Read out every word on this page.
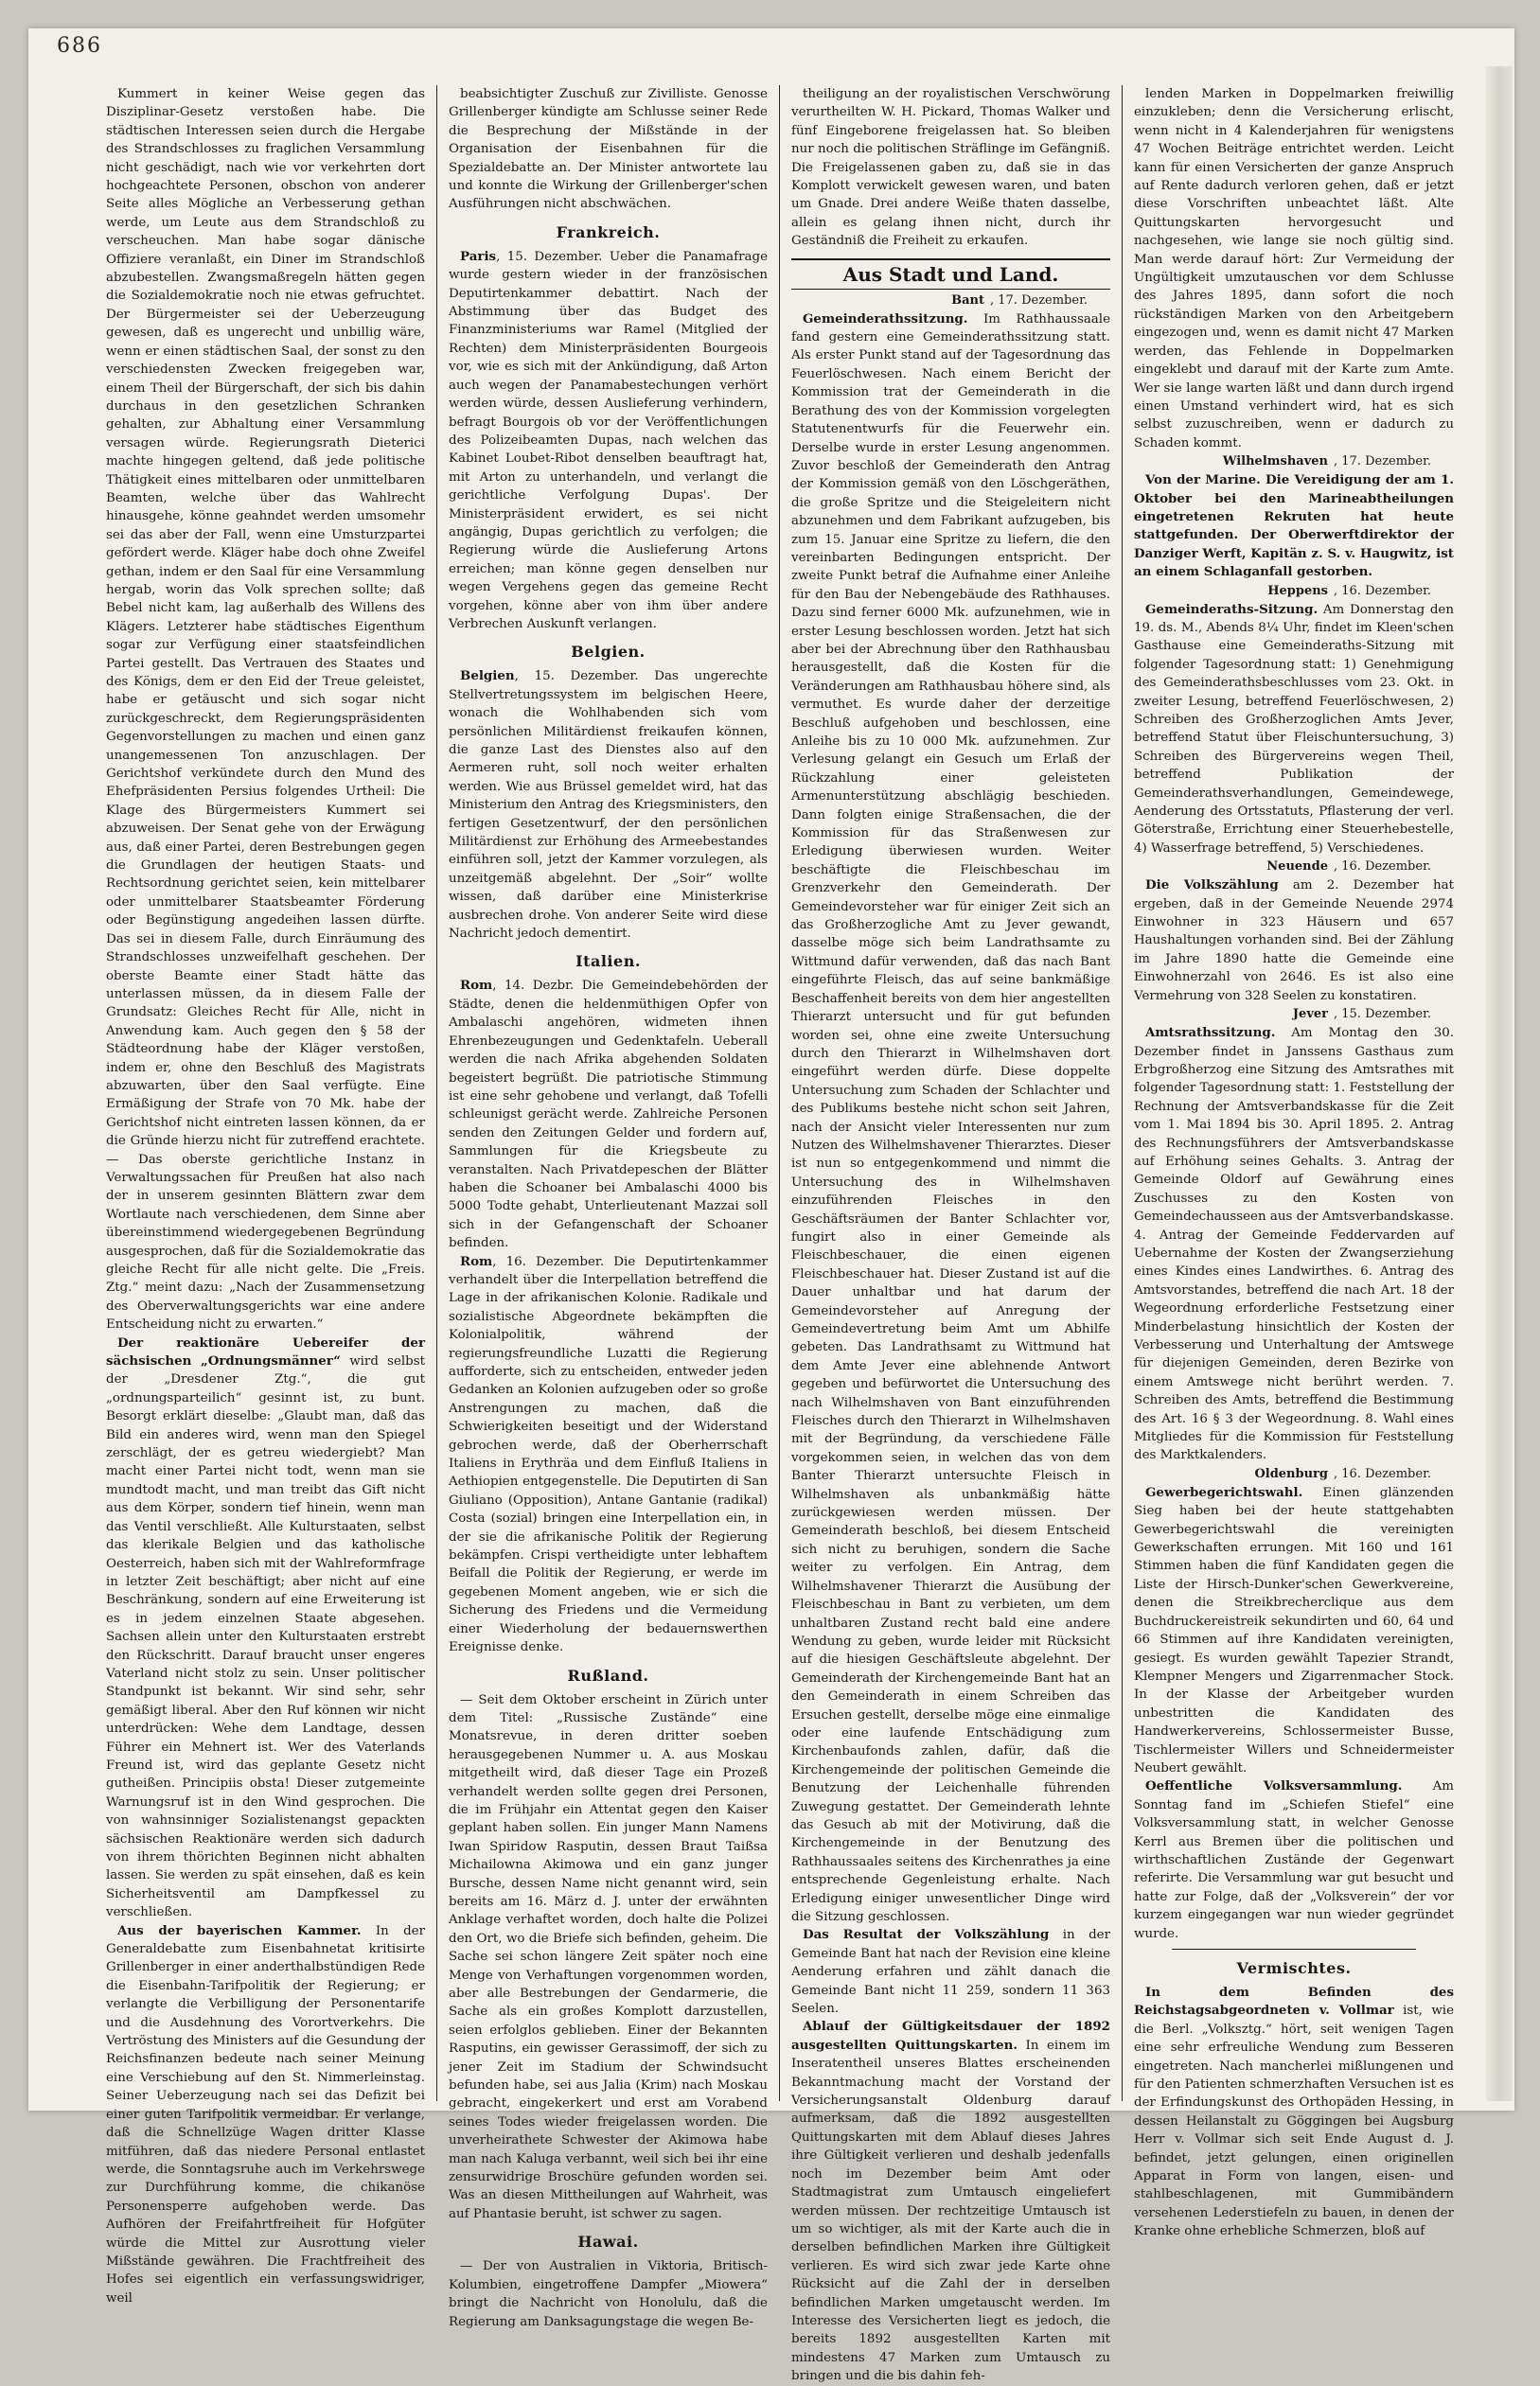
686

Kummert in keiner Weise gegen das Disziplinar-Gesetz verstoßen habe. Die städtischen Interessen seien durch die Hergabe des Strandschlosses zu fraglichen Versammlung nicht geschädigt, nach wie vor verkehrten dort hochgeachtete Personen, obschon von anderer Seite alles Mögliche an Verbesserung gethan werde, um Leute aus dem Strandschloß zu verscheuchen. Man habe sogar dänische Offiziere veranlaßt, ein Diner im Strandschloß abzubestellen. Zwangsmaßregeln hätten gegen die Sozialdemokratie noch nie etwas gefruchtet. Der Bürgermeister sei der Ueberzeugung gewesen, daß es ungerecht und unbillig wäre, wenn er einen städtischen Saal, der sonst zu den verschiedensten Zwecken freigegeben war, einem Theil der Bürgerschaft, der sich bis dahin durchaus in den gesetzlichen Schranken gehalten, zur Abhaltung einer Versammlung versagen würde. Regierungsrath Dieterici machte hingegen geltend, daß jede politische Thätigkeit eines mittelbaren oder unmittelbaren Beamten, welche über das Wahlrecht hinausgehe, könne geahndet werden umsomehr sei das aber der Fall, wenn eine Umsturzpartei gefördert werde. Kläger habe doch ohne Zweifel gethan, indem er den Saal für eine Versammlung hergab, worin das Volk sprechen sollte; daß Bebel nicht kam, lag außerhalb des Willens des Klägers. Letzterer habe städtisches Eigenthum sogar zur Verfügung einer staatsfeindlichen Partei gestellt. Das Vertrauen des Staates und des Königs, dem er den Eid der Treue geleistet, habe er getäuscht und sich sogar nicht zurückgeschreckt, dem Regierungspräsidenten Gegenvorstellungen zu machen und einen ganz unangemessenen Ton anzuschlagen. Der Gerichtshof verkündete durch den Mund des Ehefpräsidenten Persius folgendes Urtheil: Die Klage des Bürgermeisters Kummert sei abzuweisen. Der Senat gehe von der Erwägung aus, daß einer Partei, deren Bestrebungen gegen die Grundlagen der heutigen Staats- und Rechtsordnung gerichtet seien, kein mittelbarer oder unmittelbarer Staatsbeamter Förderung oder Begünstigung angedeihen lassen dürfte. Das sei in diesem Falle, durch Einräumung des Strandschlosses unzweifelhaft geschehen. Der oberste Beamte einer Stadt hätte das unterlassen müssen, da in diesem Falle der Grundsatz: Gleiches Recht für Alle, nicht in Anwendung kam. Auch gegen den § 58 der Städteordnung habe der Kläger verstoßen, indem er, ohne den Beschluß des Magistrats abzuwarten, über den Saal verfügte. Eine Ermäßigung der Strafe von 70 Mk. habe der Gerichtshof nicht eintreten lassen können, da er die Gründe hierzu nicht für zutreffend erachtete. — Das oberste gerichtliche Instanz in Verwaltungssachen für Preußen hat also nach der in unserem gesinnten Blättern zwar dem Wortlaute nach verschiedenen, dem Sinne aber übereinstimmend wiedergegebenen Begründung ausgesprochen, daß für die Sozialdemokratie das gleiche Recht für alle nicht gelte. Die „Freis. Ztg.“ meint dazu: „Nach der Zusammensetzung des Oberverwaltungsgerichts war eine andere Entscheidung nicht zu erwarten.“

Der reaktionäre Uebereifer der sächsischen „Ordnungsmänner“ wird selbst der „Dresdener Ztg.“, die gut „ordnungsparteilich“ gesinnt ist, zu bunt. Besorgt erklärt dieselbe: „Glaubt man, daß das Bild ein anderes wird, wenn man den Spiegel zerschlägt, der es getreu wiedergiebt? Man macht einer Partei nicht todt, wenn man sie mundtodt macht, und man treibt das Gift nicht aus dem Körper, sondern tief hinein, wenn man das Ventil verschließt. Alle Kulturstaaten, selbst das klerikale Belgien und das katholische Oesterreich, haben sich mit der Wahlreformfrage in letzter Zeit beschäftigt; aber nicht auf eine Beschränkung, sondern auf eine Erweiterung ist es in jedem einzelnen Staate abgesehen. Sachsen allein unter den Kulturstaaten erstrebt den Rückschritt. Darauf braucht unser engeres Vaterland nicht stolz zu sein. Unser politischer Standpunkt ist bekannt. Wir sind sehr, sehr gemäßigt liberal. Aber den Ruf können wir nicht unterdrücken: Wehe dem Landtage, dessen Führer ein Mehnert ist. Wer des Vaterlands Freund ist, wird das geplante Gesetz nicht gutheißen. Principiis obsta! Dieser zutgemeinte Warnungsruf ist in den Wind gesprochen. Die von wahnsinniger Sozialistenangst gepackten sächsischen Reaktionäre werden sich dadurch von ihrem thörichten Beginnen nicht abhalten lassen. Sie werden zu spät einsehen, daß es kein Sicherheitsventil am Dampfkessel zu verschließen.

Aus der bayerischen Kammer. In der Generaldebatte zum Eisenbahnetat kritisirte Grillenberger in einer anderthalbstündigen Rede die Eisenbahn-Tarifpolitik der Regierung; er verlangte die Verbilligung der Personentarife und die Ausdehnung des Vorortverkehrs. Die Vertröstung des Ministers auf die Gesundung der Reichsfinanzen bedeute nach seiner Meinung eine Verschiebung auf den St. Nimmerleinstag. Seiner Ueberzeugung nach sei das Defizit bei einer guten Tarifpolitik vermeidbar. Er verlange, daß die Schnellzüge Wagen dritter Klasse mitführen, daß das niedere Personal entlastet werde, die Sonntagsruhe auch im Verkehrswege zur Durchführung komme, die chikanöse Personensperre aufgehoben werde. Das Aufhören der Freifahrtfreiheit für Hofgüter würde die Mittel zur Ausrottung vieler Mißstände gewähren. Die Frachtfreiheit des Hofes sei eigentlich ein verfassungswidriger, weil

beabsichtigter Zuschuß zur Zivilliste. Genosse Grillenberger kündigte am Schlusse seiner Rede die Besprechung der Mißstände in der Organisation der Eisenbahnen für die Spezialdebatte an. Der Minister antwortete lau und konnte die Wirkung der Grillenberger'schen Ausführungen nicht abschwächen.

Frankreich.

Paris, 15. Dezember. Ueber die Panamafrage wurde gestern wieder in der französischen Deputirtenkammer debattirt. Nach der Abstimmung über das Budget des Finanzministeriums war Ramel (Mitglied der Rechten) dem Ministerpräsidenten Bourgeois vor, wie es sich mit der Ankündigung, daß Arton auch wegen der Panamabestechungen verhört werden würde, dessen Auslieferung verhindern, befragt Bourgois ob vor der Veröffentlichungen des Polizeibeamten Dupas, nach welchen das Kabinet Loubet-Ribot denselben beauftragt hat, mit Arton zu unterhandeln, und verlangt die gerichtliche Verfolgung Dupas'. Der Ministerpräsident erwidert, es sei nicht angängig, Dupas gerichtlich zu verfolgen; die Regierung würde die Auslieferung Artons erreichen; man könne gegen denselben nur wegen Vergehens gegen das gemeine Recht vorgehen, könne aber von ihm über andere Verbrechen Auskunft verlangen.

Belgien.

Belgien, 15. Dezember. Das ungerechte Stellvertretungssystem im belgischen Heere, wonach die Wohlhabenden sich vom persönlichen Militärdienst freikaufen können, die ganze Last des Dienstes also auf den Aermeren ruht, soll noch weiter erhalten werden. Wie aus Brüssel gemeldet wird, hat das Ministerium den Antrag des Kriegsministers, den fertigen Gesetzentwurf, der den persönlichen Militärdienst zur Erhöhung des Armeebestandes einführen soll, jetzt der Kammer vorzulegen, als unzeitgemäß abgelehnt. Der „Soir“ wollte wissen, daß darüber eine Ministerkrise ausbrechen drohe. Von anderer Seite wird diese Nachricht jedoch dementirt.

Italien.

Rom, 14. Dezbr. Die Gemeindebehörden der Städte, denen die heldenmüthigen Opfer von Ambalaschi angehören, widmeten ihnen Ehrenbezeugungen und Gedenktafeln. Ueberall werden die nach Afrika abgehenden Soldaten begeistert begrüßt. Die patriotische Stimmung ist eine sehr gehobene und verlangt, daß Tofelli schleunigst gerächt werde. Zahlreiche Personen senden den Zeitungen Gelder und fordern auf, Sammlungen für die Kriegsbeute zu veranstalten. Nach Privatdepeschen der Blätter haben die Schoaner bei Ambalaschi 4000 bis 5000 Todte gehabt, Unterlieutenant Mazzai soll sich in der Gefangenschaft der Schoaner befinden.

Rom, 16. Dezember. Die Deputirtenkammer verhandelt über die Interpellation betreffend die Lage in der afrikanischen Kolonie. Radikale und sozialistische Abgeordnete bekämpften die Kolonialpolitik, während der regierungsfreundliche Luzatti die Regierung aufforderte, sich zu entscheiden, entweder jeden Gedanken an Kolonien aufzugeben oder so große Anstrengungen zu machen, daß die Schwierigkeiten beseitigt und der Widerstand gebrochen werde, daß der Oberherrschaft Italiens in Erythräa und dem Einfluß Italiens in Aethiopien entgegenstelle. Die Deputirten di San Giuliano (Opposition), Antane Gantanie (radikal) Costa (sozial) bringen eine Interpellation ein, in der sie die afrikanische Politik der Regierung bekämpfen. Crispi vertheidigte unter lebhaftem Beifall die Politik der Regierung, er werde im gegebenen Moment angeben, wie er sich die Sicherung des Friedens und die Vermeidung einer Wiederholung der bedauernswerthen Ereignisse denke.

Rußland.

— Seit dem Oktober erscheint in Zürich unter dem Titel: „Russische Zustände“ eine Monatsrevue, in deren dritter soeben herausgegebenen Nummer u. A. aus Moskau mitgetheilt wird, daß dieser Tage ein Prozeß verhandelt werden sollte gegen drei Personen, die im Frühjahr ein Attentat gegen den Kaiser geplant haben sollen. Ein junger Mann Namens Iwan Spiridow Rasputin, dessen Braut Taißsa Michailowna Akimowa und ein ganz junger Bursche, dessen Name nicht genannt wird, sein bereits am 16. März d. J. unter der erwähnten Anklage verhaftet worden, doch halte die Polizei den Ort, wo die Briefe sich befinden, geheim. Die Sache sei schon längere Zeit später noch eine Menge von Verhaftungen vorgenommen worden, aber alle Bestrebungen der Gendarmerie, die Sache als ein großes Komplott darzustellen, seien erfolglos geblieben. Einer der Bekannten Rasputins, ein gewisser Gerassimoff, der sich zu jener Zeit im Stadium der Schwindsucht befunden habe, sei aus Jalia (Krim) nach Moskau gebracht, eingekerkert und erst am Vorabend seines Todes wieder freigelassen worden. Die unverheirathete Schwester der Akimowa habe man nach Kaluga verbannt, weil sich bei ihr eine zensurwidrige Broschüre gefunden worden sei. Was an diesen Mittheilungen auf Wahrheit, was auf Phantasie beruht, ist schwer zu sagen.

Hawai.

— Der von Australien in Viktoria, Britisch-Kolumbien, eingetroffene Dampfer „Miowera“ bringt die Nachricht von Honolulu, daß die Regierung am Danksagungstage die wegen Be-

theiligung an der royalistischen Verschwörung verurtheilten W. H. Pickard, Thomas Walker und fünf Eingeborene freigelassen hat. So bleiben nur noch die politischen Sträflinge im Gefängniß. Die Freigelassenen gaben zu, daß sie in das Komplott verwickelt gewesen waren, und baten um Gnade. Drei andere Weiße thaten dasselbe, allein es gelang ihnen nicht, durch ihr Geständniß die Freiheit zu erkaufen.

Aus Stadt und Land.
Bant , 17. Dezember.

Gemeinderathssitzung. Im Rathhaussaale fand gestern eine Gemeinderathssitzung statt. Als erster Punkt stand auf der Tagesordnung das Feuerlöschwesen. Nach einem Bericht der Kommission trat der Gemeinderath in die Berathung des von der Kommission vorgelegten Statutenentwurfs für die Feuerwehr ein. Derselbe wurde in erster Lesung angenommen. Zuvor beschloß der Gemeinderath den Antrag der Kommission gemäß von den Löschgeräthen, die große Spritze und die Steigeleitern nicht abzunehmen und dem Fabrikant aufzugeben, bis zum 15. Januar eine Spritze zu liefern, die den vereinbarten Bedingungen entspricht. Der zweite Punkt betraf die Aufnahme einer Anleihe für den Bau der Nebengebäude des Rathhauses. Dazu sind ferner 6000 Mk. aufzunehmen, wie in erster Lesung beschlossen worden. Jetzt hat sich aber bei der Abrechnung über den Rathhausbau herausgestellt, daß die Kosten für die Veränderungen am Rathhausbau höhere sind, als vermuthet. Es wurde daher der derzeitige Beschluß aufgehoben und beschlossen, eine Anleihe bis zu 10 000 Mk. aufzunehmen. Zur Verlesung gelangt ein Gesuch um Erlaß der Rückzahlung einer geleisteten Armenunterstützung abschlägig beschieden. Dann folgten einige Straßensachen, die der Kommission für das Straßenwesen zur Erledigung überwiesen wurden. Weiter beschäftigte die Fleischbeschau im Grenzverkehr den Gemeinderath. Der Gemeindevorsteher war für einiger Zeit sich an das Großherzogliche Amt zu Jever gewandt, dasselbe möge sich beim Landrathsamte zu Wittmund dafür verwenden, daß das nach Bant eingeführte Fleisch, das auf seine bankmäßige Beschaffenheit bereits von dem hier angestellten Thierarzt untersucht und für gut befunden worden sei, ohne eine zweite Untersuchung durch den Thierarzt in Wilhelmshaven dort eingeführt werden dürfe. Diese doppelte Untersuchung zum Schaden der Schlachter und des Publikums bestehe nicht schon seit Jahren, nach der Ansicht vieler Interessenten nur zum Nutzen des Wilhelmshavener Thierarztes. Dieser ist nun so entgegenkommend und nimmt die Untersuchung des in Wilhelmshaven einzuführenden Fleisches in den Geschäftsräumen der Banter Schlachter vor, fungirt also in einer Gemeinde als Fleischbeschauer, die einen eigenen Fleischbeschauer hat. Dieser Zustand ist auf die Dauer unhaltbar und hat darum der Gemeindevorsteher auf Anregung der Gemeindevertretung beim Amt um Abhilfe gebeten. Das Landrathsamt zu Wittmund hat dem Amte Jever eine ablehnende Antwort gegeben und befürwortet die Untersuchung des nach Wilhelmshaven von Bant einzuführenden Fleisches durch den Thierarzt in Wilhelmshaven mit der Begründung, da verschiedene Fälle vorgekommen seien, in welchen das von dem Banter Thierarzt untersuchte Fleisch in Wilhelmshaven als unbankmäßig hätte zurückgewiesen werden müssen. Der Gemeinderath beschloß, bei diesem Entscheid sich nicht zu beruhigen, sondern die Sache weiter zu verfolgen. Ein Antrag, dem Wilhelmshavener Thierarzt die Ausübung der Fleischbeschau in Bant zu verbieten, um dem unhaltbaren Zustand recht bald eine andere Wendung zu geben, wurde leider mit Rücksicht auf die hiesigen Geschäftsleute abgelehnt. Der Gemeinderath der Kirchengemeinde Bant hat an den Gemeinderath in einem Schreiben das Ersuchen gestellt, derselbe möge eine einmalige oder eine laufende Entschädigung zum Kirchenbaufonds zahlen, dafür, daß die Kirchengemeinde der politischen Gemeinde die Benutzung der Leichenhalle führenden Zuwegung gestattet. Der Gemeinderath lehnte das Gesuch ab mit der Motivirung, daß die Kirchengemeinde in der Benutzung des Rathhaussaales seitens des Kirchenrathes ja eine entsprechende Gegenleistung erhalte. Nach Erledigung einiger unwesentlicher Dinge wird die Sitzung geschlossen.

Das Resultat der Volkszählung in der Gemeinde Bant hat nach der Revision eine kleine Aenderung erfahren und zählt danach die Gemeinde Bant nicht 11 259, sondern 11 363 Seelen.

Ablauf der Gültigkeitsdauer der 1892 ausgestellten Quittungskarten. In einem im Inseratentheil unseres Blattes erscheinenden Bekanntmachung macht der Vorstand der Versicherungsanstalt Oldenburg darauf aufmerksam, daß die 1892 ausgestellten Quittungskarten mit dem Ablauf dieses Jahres ihre Gültigkeit verlieren und deshalb jedenfalls noch im Dezember beim Amt oder Stadtmagistrat zum Umtausch eingeliefert werden müssen. Der rechtzeitige Umtausch ist um so wichtiger, als mit der Karte auch die in derselben befindlichen Marken ihre Gültigkeit verlieren. Es wird sich zwar jede Karte ohne Rücksicht auf die Zahl der in derselben befindlichen Marken umgetauscht werden. Im Interesse des Versicherten liegt es jedoch, die bereits 1892 ausgestellten Karten mit mindestens 47 Marken zum Umtausch zu bringen und die bis dahin feh-

lenden Marken in Doppelmarken freiwillig einzukleben; denn die Versicherung erlischt, wenn nicht in 4 Kalenderjahren für wenigstens 47 Wochen Beiträge entrichtet werden. Leicht kann für einen Versicherten der ganze Anspruch auf Rente dadurch verloren gehen, daß er jetzt diese Vorschriften unbeachtet läßt. Alte Quittungskarten hervorgesucht und nachgesehen, wie lange sie noch gültig sind. Man werde darauf hört: Zur Vermeidung der Ungültigkeit umzutauschen vor dem Schlusse des Jahres 1895, dann sofort die noch rückständigen Marken von den Arbeitgebern eingezogen und, wenn es damit nicht 47 Marken werden, das Fehlende in Doppelmarken eingeklebt und darauf mit der Karte zum Amte. Wer sie lange warten läßt und dann durch irgend einen Umstand verhindert wird, hat es sich selbst zuzuschreiben, wenn er dadurch zu Schaden kommt.

Wilhelmshaven , 17. Dezember.

Von der Marine. Die Vereidigung der am 1. Oktober bei den Marineabtheilungen eingetretenen Rekruten hat heute stattgefunden. Der Oberwerftdirektor der Danziger Werft, Kapitän z. S. v. Haugwitz, ist an einem Schlaganfall gestorben.

Heppens , 16. Dezember.

Gemeinderaths-Sitzung. Am Donnerstag den 19. ds. M., Abends 8¼ Uhr, findet im Kleen'schen Gasthause eine Gemeinderaths-Sitzung mit folgender Tagesordnung statt: 1) Genehmigung des Gemeinderathsbeschlusses vom 23. Okt. in zweiter Lesung, betreffend Feuerlöschwesen, 2) Schreiben des Großherzoglichen Amts Jever, betreffend Statut über Fleischuntersuchung, 3) Schreiben des Bürgervereins wegen Theil, betreffend Publikation der Gemeinderathsverhandlungen, Gemeindewege, Aenderung des Ortsstatuts, Pflasterung der verl. Göterstraße, Errichtung einer Steuerhebestelle, 4) Wasserfrage betreffend, 5) Verschiedenes.

Neuende , 16. Dezember.

Die Volkszählung am 2. Dezember hat ergeben, daß in der Gemeinde Neuende 2974 Einwohner in 323 Häusern und 657 Haushaltungen vorhanden sind. Bei der Zählung im Jahre 1890 hatte die Gemeinde eine Einwohnerzahl von 2646. Es ist also eine Vermehrung von 328 Seelen zu konstatiren.

Jever , 15. Dezember.

Amtsrathssitzung. Am Montag den 30. Dezember findet in Janssens Gasthaus zum Erbgroßherzog eine Sitzung des Amtsrathes mit folgender Tagesordnung statt: 1. Feststellung der Rechnung der Amtsverbandskasse für die Zeit vom 1. Mai 1894 bis 30. April 1895. 2. Antrag des Rechnungsführers der Amtsverbandskasse auf Erhöhung seines Gehalts. 3. Antrag der Gemeinde Oldorf auf Gewährung eines Zuschusses zu den Kosten von Gemeindechausseen aus der Amtsverbandskasse. 4. Antrag der Gemeinde Feddervarden auf Uebernahme der Kosten der Zwangserziehung eines Kindes eines Landwirthes. 6. Antrag des Amtsvorstandes, betreffend die nach Art. 18 der Wegeordnung erforderliche Festsetzung einer Minderbelastung hinsichtlich der Kosten der Verbesserung und Unterhaltung der Amtswege für diejenigen Gemeinden, deren Bezirke von einem Amtswege nicht berührt werden. 7. Schreiben des Amts, betreffend die Bestimmung des Art. 16 § 3 der Wegeordnung. 8. Wahl eines Mitgliedes für die Kommission für Feststellung des Marktkalenders.

Oldenburg , 16. Dezember.

Gewerbegerichtswahl. Einen glänzenden Sieg haben bei der heute stattgehabten Gewerbegerichtswahl die vereinigten Gewerkschaften errungen. Mit 160 und 161 Stimmen haben die fünf Kandidaten gegen die Liste der Hirsch-Dunker'schen Gewerkvereine, denen die Streikbrecherclique aus dem Buchdruckereistreik sekundirten und 60, 64 und 66 Stimmen auf ihre Kandidaten vereinigten, gesiegt. Es wurden gewählt Tapezier Strandt, Klempner Mengers und Zigarrenmacher Stock. In der Klasse der Arbeitgeber wurden unbestritten die Kandidaten des Handwerkervereins, Schlossermeister Busse, Tischlermeister Willers und Schneidermeister Neubert gewählt.

Oeffentliche Volksversammlung. Am Sonntag fand im „Schiefen Stiefel“ eine Volksversammlung statt, in welcher Genosse Kerrl aus Bremen über die politischen und wirthschaftlichen Zustände der Gegenwart referirte. Die Versammlung war gut besucht und hatte zur Folge, daß der „Volksverein“ der vor kurzem eingegangen war nun wieder gegründet wurde.

Vermischtes.

In dem Befinden des Reichstagsabgeordneten v. Vollmar ist, wie die Berl. „Volksztg.“ hört, seit wenigen Tagen eine sehr erfreuliche Wendung zum Besseren eingetreten. Nach mancherlei mißlungenen und für den Patienten schmerzhaften Versuchen ist es der Erfindungskunst des Orthopäden Hessing, in dessen Heilanstalt zu Göggingen bei Augsburg Herr v. Vollmar sich seit Ende August d. J. befindet, jetzt gelungen, einen originellen Apparat in Form von langen, eisen- und stahlbeschlagenen, mit Gummibändern versehenen Lederstiefeln zu bauen, in denen der Kranke ohne erhebliche Schmerzen, bloß auf
